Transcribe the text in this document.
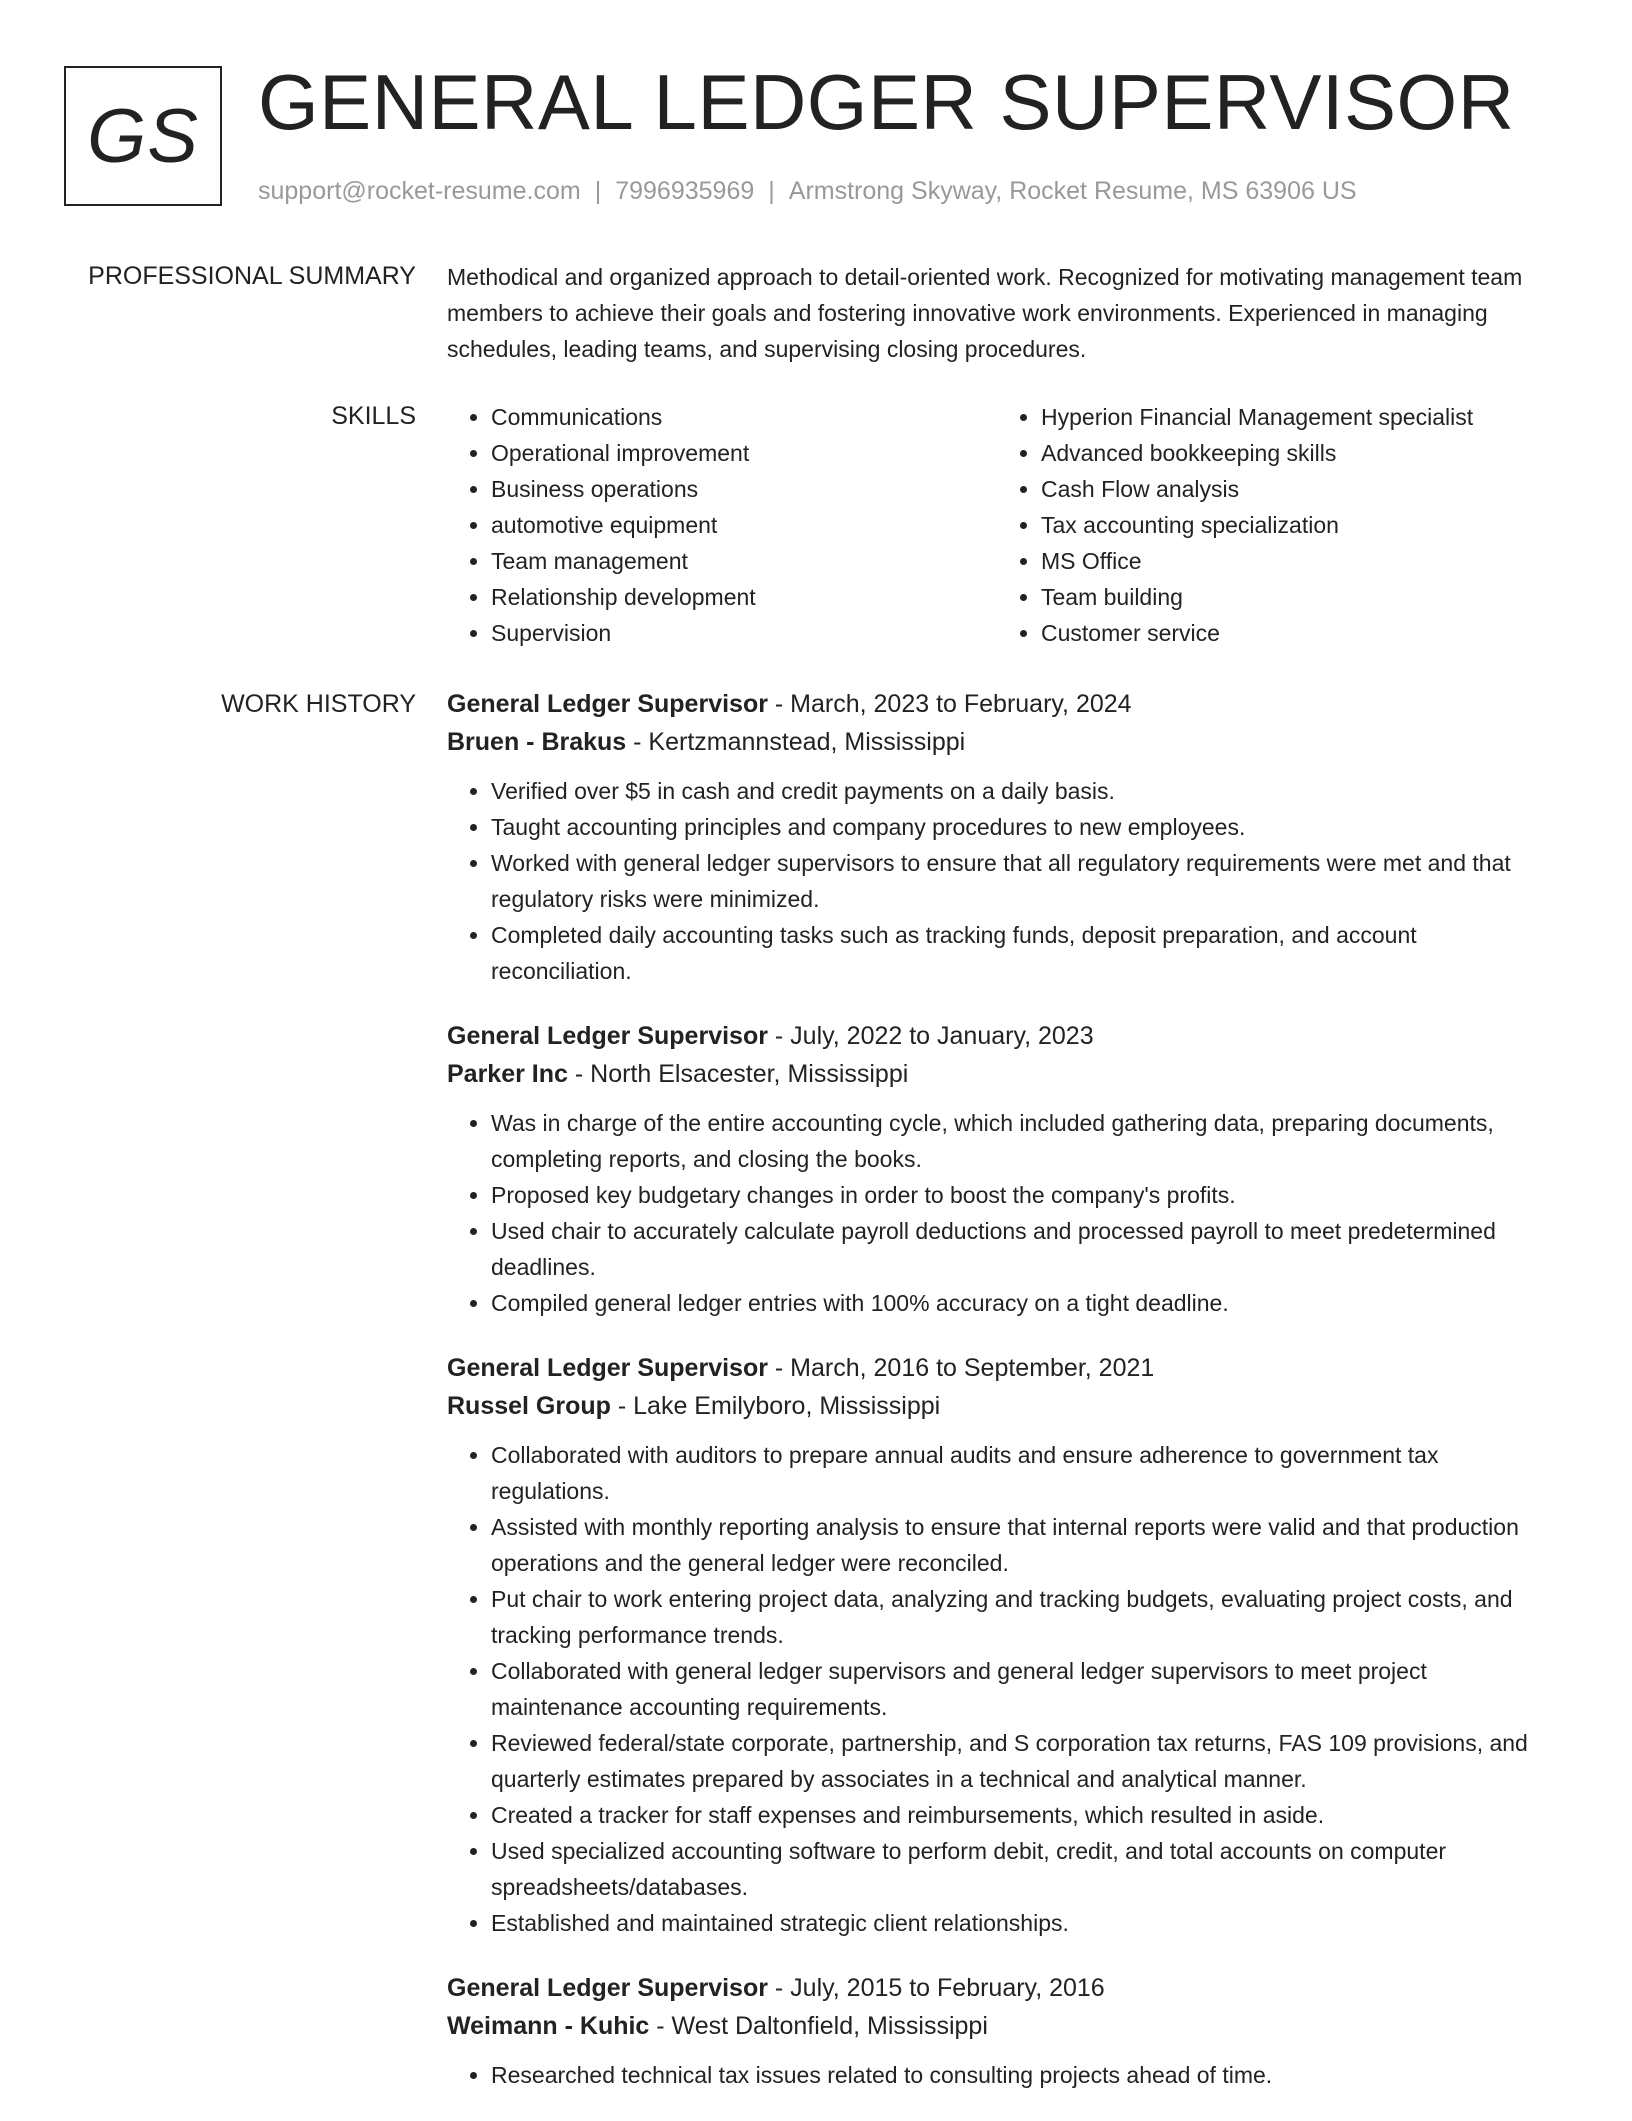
GS GENERAL LEDGER SUPERVISOR
support@rocket-resume.com | 7996935969 | Armstrong Skyway, Rocket Resume, MS 63906 US
PROFESSIONAL SUMMARY Methodical and organized approach to detail-oriented work. Recognized for motivating management team members to achieve their goals and fostering innovative work environments. Experienced in managing schedules, leading teams, and supervising closing procedures.
SKILLS
•	Communications
• Operational improvement
• Business operations
• automotive equipment
• Team management
• Relationship development
• Supervision
• Hyperion Financial Management specialist
• Advanced bookkeeping skills
• Cash Flow analysis
• Tax accounting specialization
• MS Office
• Team building
• Customer service
WORK HISTORY General Ledger Supervisor - March, 2023 to February, 2024
Bruen - Brakus - Kertzmannstead, Mississippi
• Verified over $5 in cash and credit payments on a daily basis.
• Taught accounting principles and company procedures to new employees.
• Worked with general ledger supervisors to ensure that all regulatory requirements were met and that regulatory risks were minimized.
• Completed daily accounting tasks such as tracking funds, deposit preparation, and account reconciliation.
General Ledger Supervisor - July, 2022 to January, 2023
Parker Inc - North Elsacester, Mississippi
• Was in charge of the entire accounting cycle, which included gathering data, preparing documents, completing reports, and closing the books.
• Proposed key budgetary changes in order to boost the company's profits.
• Used chair to accurately calculate payroll deductions and processed payroll to meet predetermined deadlines.
• Compiled general ledger entries with 100% accuracy on a tight deadline.
General Ledger Supervisor - March, 2016 to September, 2021
Russel Group - Lake Emilyboro, Mississippi
• Collaborated with auditors to prepare annual audits and ensure adherence to government tax regulations.
• Assisted with monthly reporting analysis to ensure that internal reports were valid and that production operations and the general ledger were reconciled.
• Put chair to work entering project data, analyzing and tracking budgets, evaluating project costs, and tracking performance trends.
• Collaborated with general ledger supervisors and general ledger supervisors to meet project maintenance accounting requirements.
• Reviewed federal/state corporate, partnership, and S corporation tax returns, FAS 109 provisions, and quarterly estimates prepared by associates in a technical and analytical manner.
• Created a tracker for staff expenses and reimbursements, which resulted in aside.
• Used specialized accounting software to perform debit, credit, and total accounts on computer spreadsheets/databases.
• Established and maintained strategic client relationships.
General Ledger Supervisor - July, 2015 to February, 2016
Weimann - Kuhic - West Daltonfield, Mississippi
• Researched technical tax issues related to consulting projects ahead of time.
